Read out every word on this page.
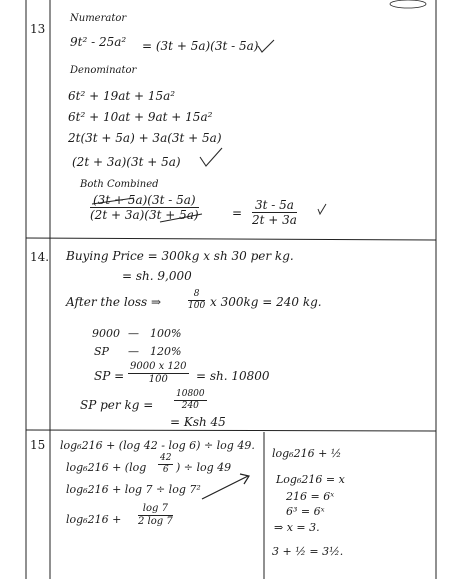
13
Numerator
9t² - 25a² = (3t + 5a)(3t - 5a)
Denominator
6t² + 19at + 15a²
6t² + 10at + 9at + 15a²
2t(3t + 5a) + 3a(3t + 5a)
(2t + 3a)(3t + 5a)
Both Combined
$\frac{(3t + 5a)(3t - 5a)}{(2t + 3a)(3t + 5a)}$	= $\frac{3t - 5a}{2t + 3a}$
14. Buying Price = 300kg x sh 30 per kg.
= sh. 9,000
After the loss ⇒	$\frac{8}{100}$ x 300kg = 240 kg.
9000 — 100%
SP — 120%
SP = $\frac{9000 x 120}{100}$ = sh. 10800
SP per kg = $\frac{10800}{240}$
= Ksh 45
15 log₆216 + (log 42 - log 6) ÷ log 49.
$\log_6216 + (\log \frac{42}{6}$ ) ÷ log 49
log₆216 + log 7 ÷ log 7²
$\log_6216 + \frac{\log 7}{2 \log 7}$
log₆216 + ½
Log₆216 = x
216 = 6ˣ
6³ = 6ˣ
⇒ x = 3.
3 + ½ = 3½.
